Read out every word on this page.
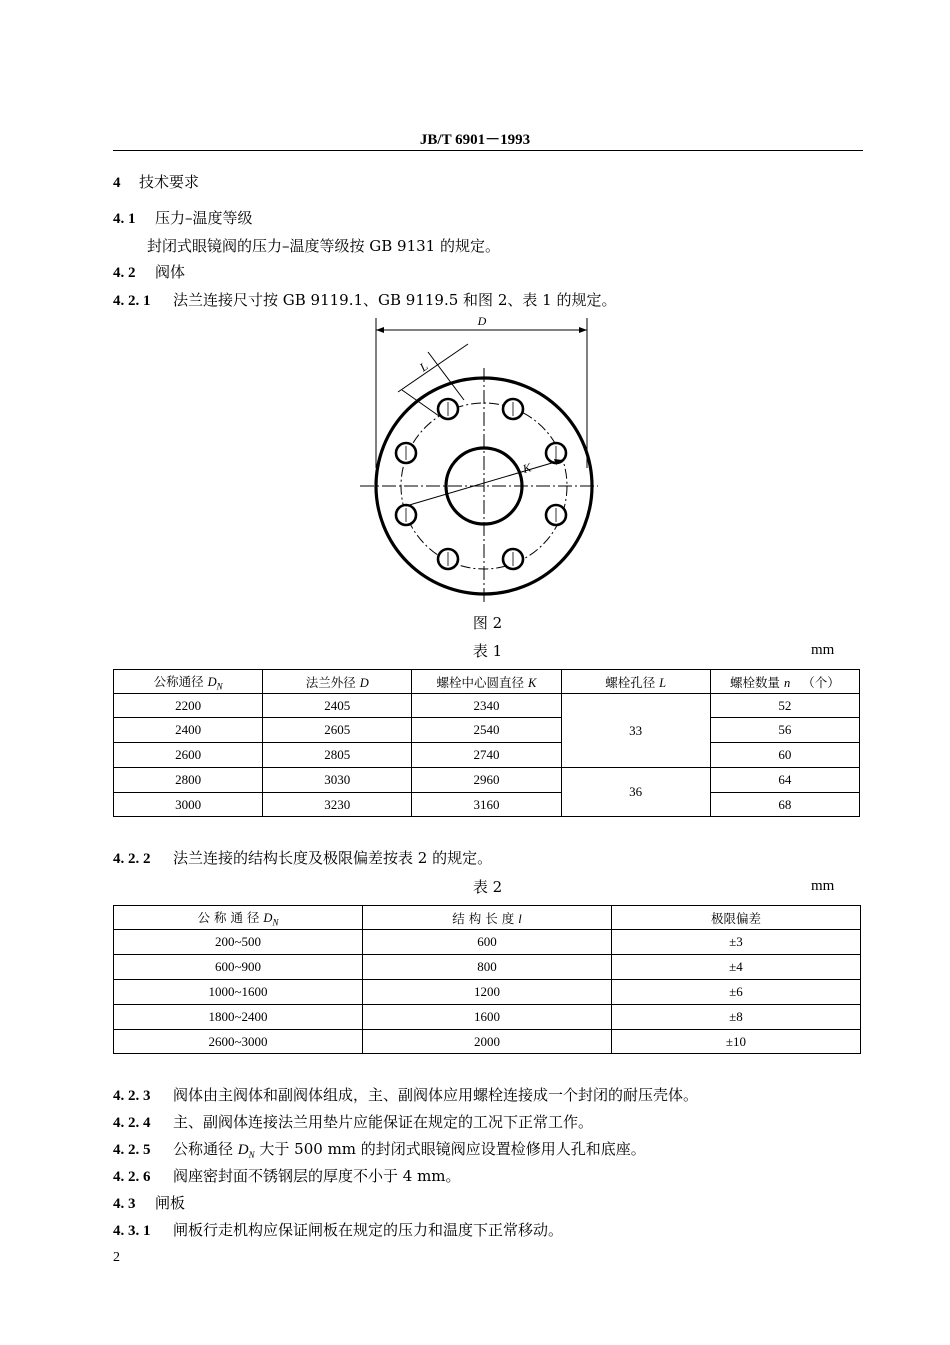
JB/T 6901－1993
4 技术要求
4. 1 压力–温度等级
封闭式眼镜阀的压力–温度等级按 GB 9131 的规定。
4. 2 阀体
4. 2. 1 法兰连接尺寸按 GB 9119.1、GB 9119.5 和图 2、表 1 的规定。
D
L
K
图 2
表 1	mm
公称通径 $D_N$	法兰外径 D	螺栓中心圆直径 K	螺栓孔径 L	螺栓数量 n （个）
2200	2405	2340	33	52
2400	2605	2540		56
2600	2805	2740		60
2800	3030	2960	36	64
3000	3230	3160		68
4. 2. 2 法兰连接的结构长度及极限偏差按表 2 的规定。
表 2	mm
公 称 通 径 $D_N$	结 构 长 度 l	极限偏差
200~500	600	±3
600~900	800	±4
1000~1600	1200	±6
1800~2400	1600	±8
2600~3000	2000	±10
4. 2. 3 阀体由主阀体和副阀体组成，主、副阀体应用螺栓连接成一个封闭的耐压壳体。
4. 2. 4 主、副阀体连接法兰用垫片应能保证在规定的工况下正常工作。
4. 2. 5 公称通径 $D_N$ 大于 500 mm 的封闭式眼镜阀应设置检修用人孔和底座。
4. 2. 6 阀座密封面不锈钢层的厚度不小于 4 mm。
4. 3 闸板
4. 3. 1 闸板行走机构应保证闸板在规定的压力和温度下正常移动。
2
